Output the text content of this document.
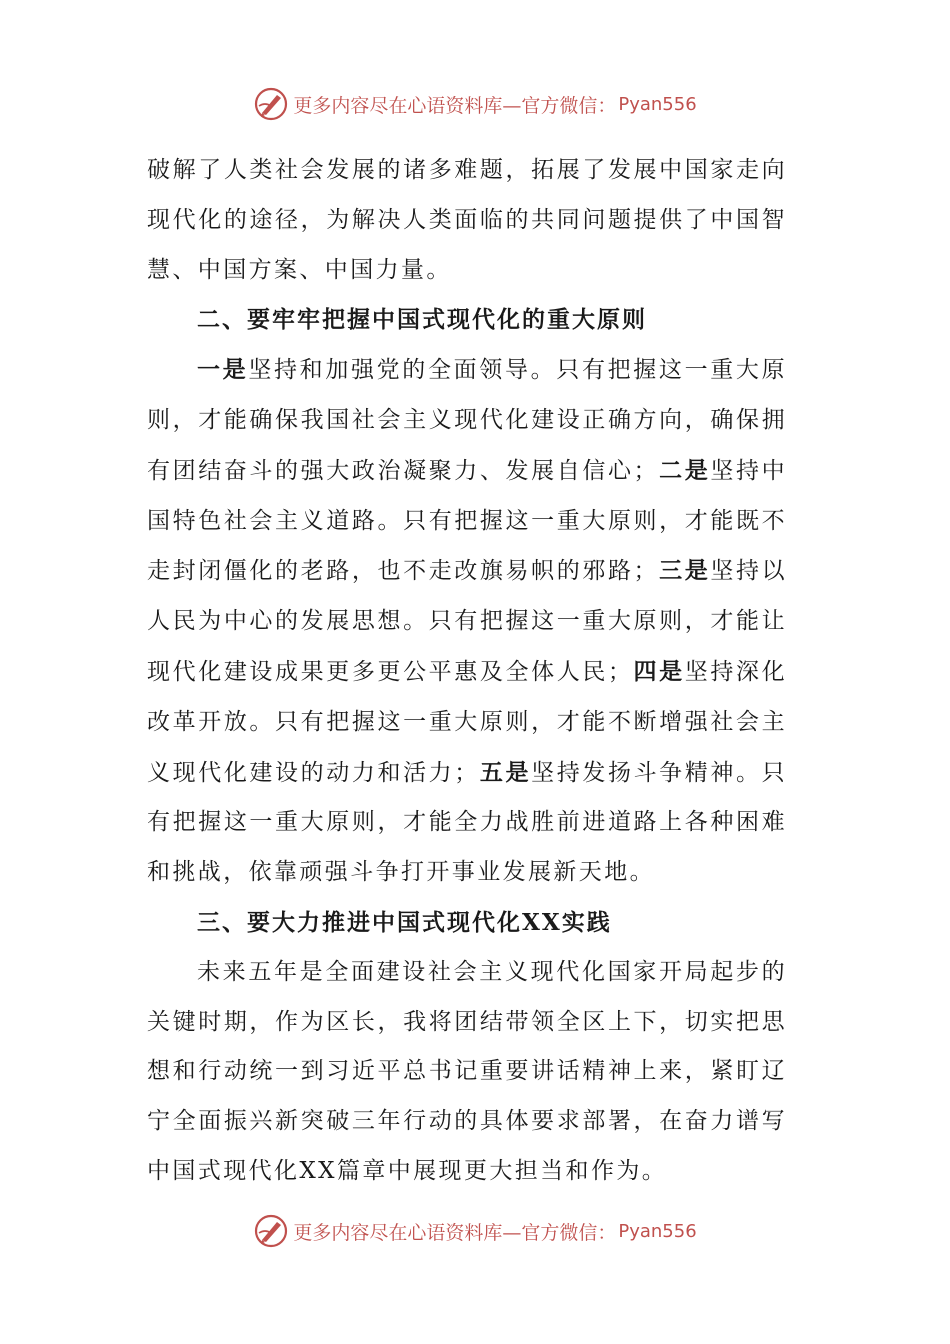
更多内容尽在心语资料库—官方微信： Pyan556

破解了人类社会发展的诸多难题，拓展了发展中国家走向现代化的途径，为解决人类面临的共同问题提供了中国智慧、中国方案、中国力量。

二、要牢牢把握中国式现代化的重大原则

一是坚持和加强党的全面领导。只有把握这一重大原则，才能确保我国社会主义现代化建设正确方向，确保拥有团结奋斗的强大政治凝聚力、发展自信心；二是坚持中国特色社会主义道路。只有把握这一重大原则，才能既不走封闭僵化的老路，也不走改旗易帜的邪路；三是坚持以人民为中心的发展思想。只有把握这一重大原则，才能让现代化建设成果更多更公平惠及全体人民；四是坚持深化改革开放。只有把握这一重大原则，才能不断增强社会主义现代化建设的动力和活力；五是坚持发扬斗争精神。只有把握这一重大原则，才能全力战胜前进道路上各种困难和挑战，依靠顽强斗争打开事业发展新天地。

三、要大力推进中国式现代化XX实践

未来五年是全面建设社会主义现代化国家开局起步的关键时期，作为区长，我将团结带领全区上下，切实把思想和行动统一到习近平总书记重要讲话精神上来，紧盯辽宁全面振兴新突破三年行动的具体要求部署，在奋力谱写中国式现代化XX篇章中展现更大担当和作为。

更多内容尽在心语资料库—官方微信： Pyan556
